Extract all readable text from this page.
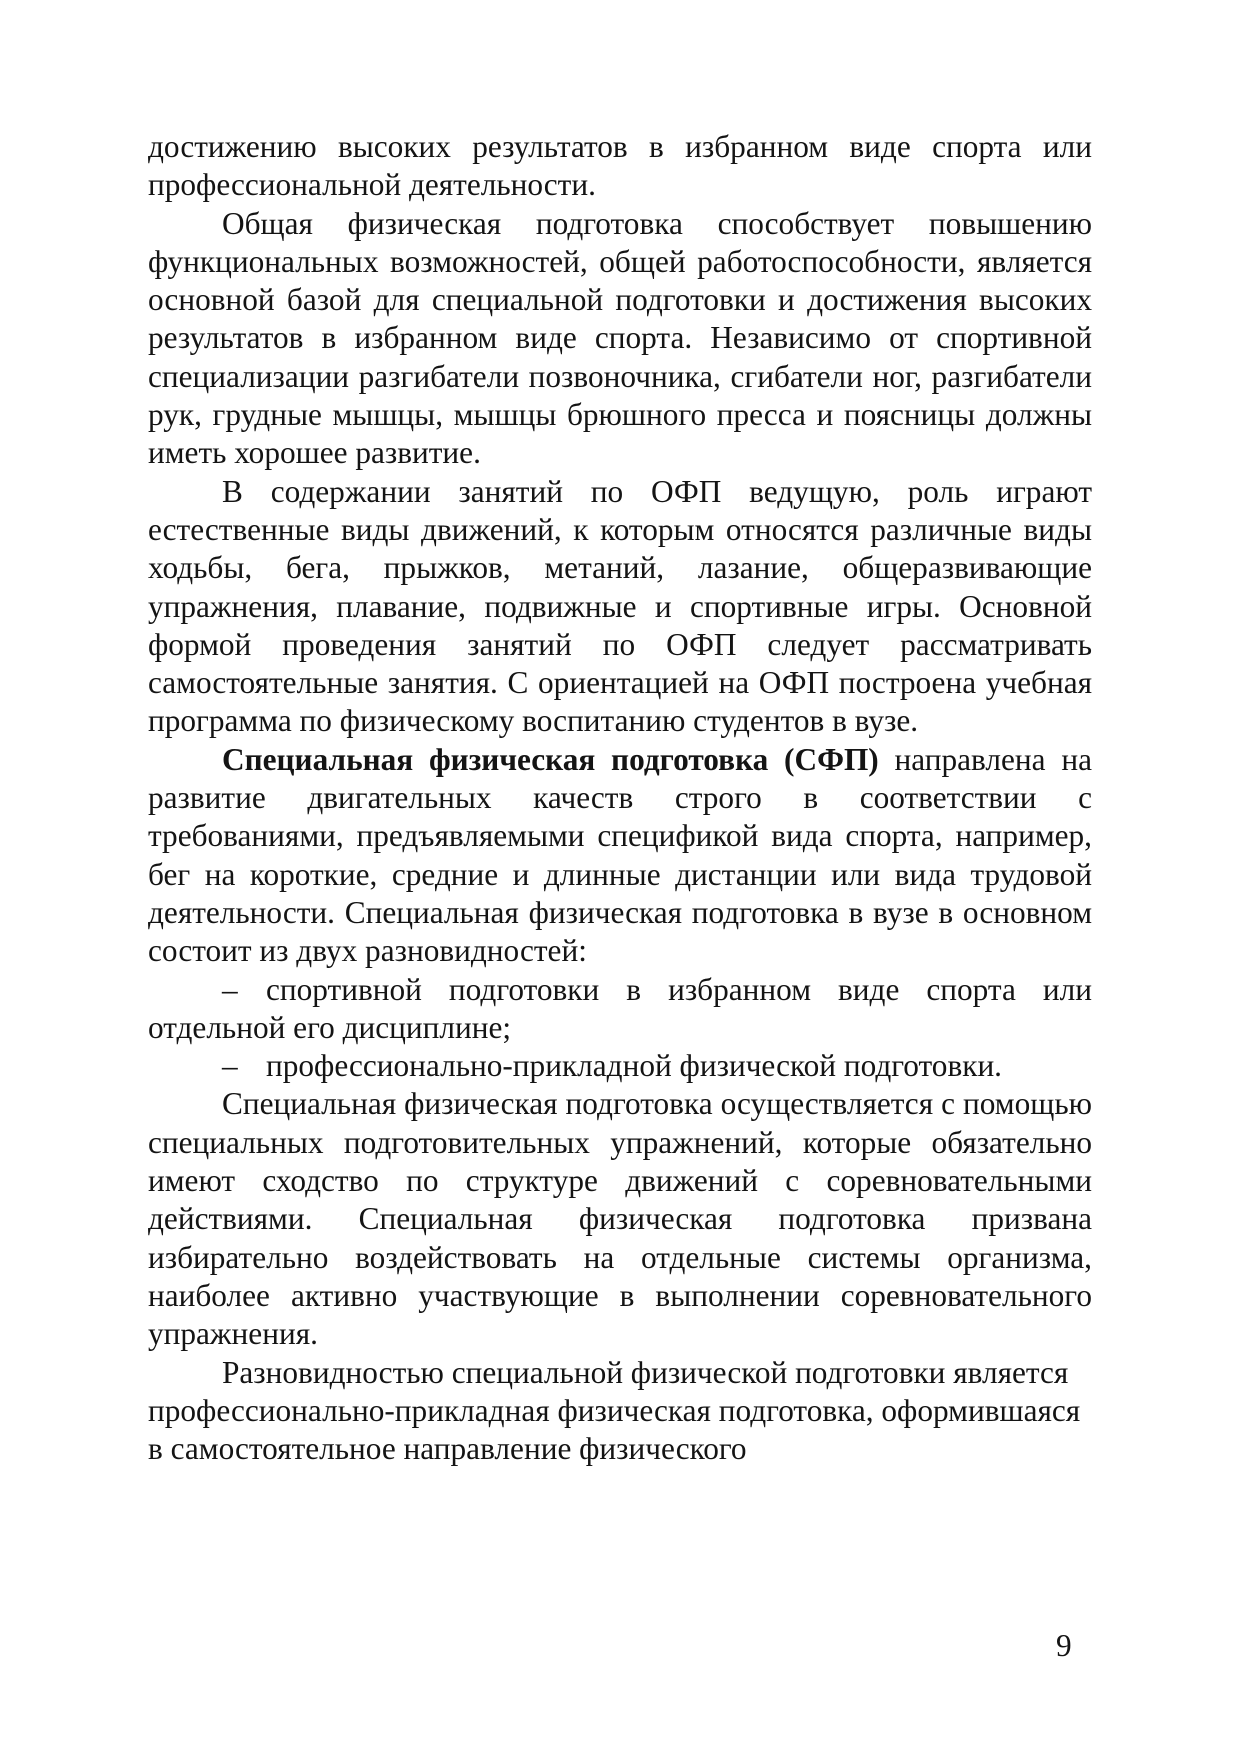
достижению высоких результатов в избранном виде спорта или профессиональной деятельности.

Общая физическая подготовка способствует повышению функциональных возможностей, общей работоспособности, является основной базой для специальной подготовки и достижения высоких результатов в избранном виде спорта. Независимо от спортивной специализации разгибатели позвоночника, сгибатели ног, разгибатели рук, грудные мышцы, мышцы брюшного пресса и поясницы должны иметь хорошее развитие.

В содержании занятий по ОФП ведущую, роль играют естественные виды движений, к которым относятся различные виды ходьбы, бега, прыжков, метаний, лазание, общеразвивающие упражнения, плавание, подвижные и спортивные игры. Основной формой проведения занятий по ОФП следует рассматривать самостоятельные занятия. С ориентацией на ОФП построена учебная программа по физическому воспитанию студентов в вузе.

Специальная физическая подготовка (СФП) направлена на развитие двигательных качеств строго в соответствии с требованиями, предъявляемыми спецификой вида спорта, например, бег на короткие, средние и длинные дистанции или вида трудовой деятельности. Специальная физическая подготовка в вузе в основном состоит из двух разновидностей:

– спортивной подготовки в избранном виде спорта или отдельной его дисциплине;

– профессионально-прикладной физической подготовки.

Специальная физическая подготовка осуществляется с помощью специальных подготовительных упражнений, которые обязательно имеют сходство по структуре движений с соревновательными действиями. Специальная физическая подготовка призвана избирательно воздействовать на отдельные системы организма, наиболее активно участвующие в выполнении соревновательного упражнения.

Разновидностью специальной физической подготовки является профессионально-прикладная физическая подготовка, оформившаяся в самостоятельное направление физического

9
